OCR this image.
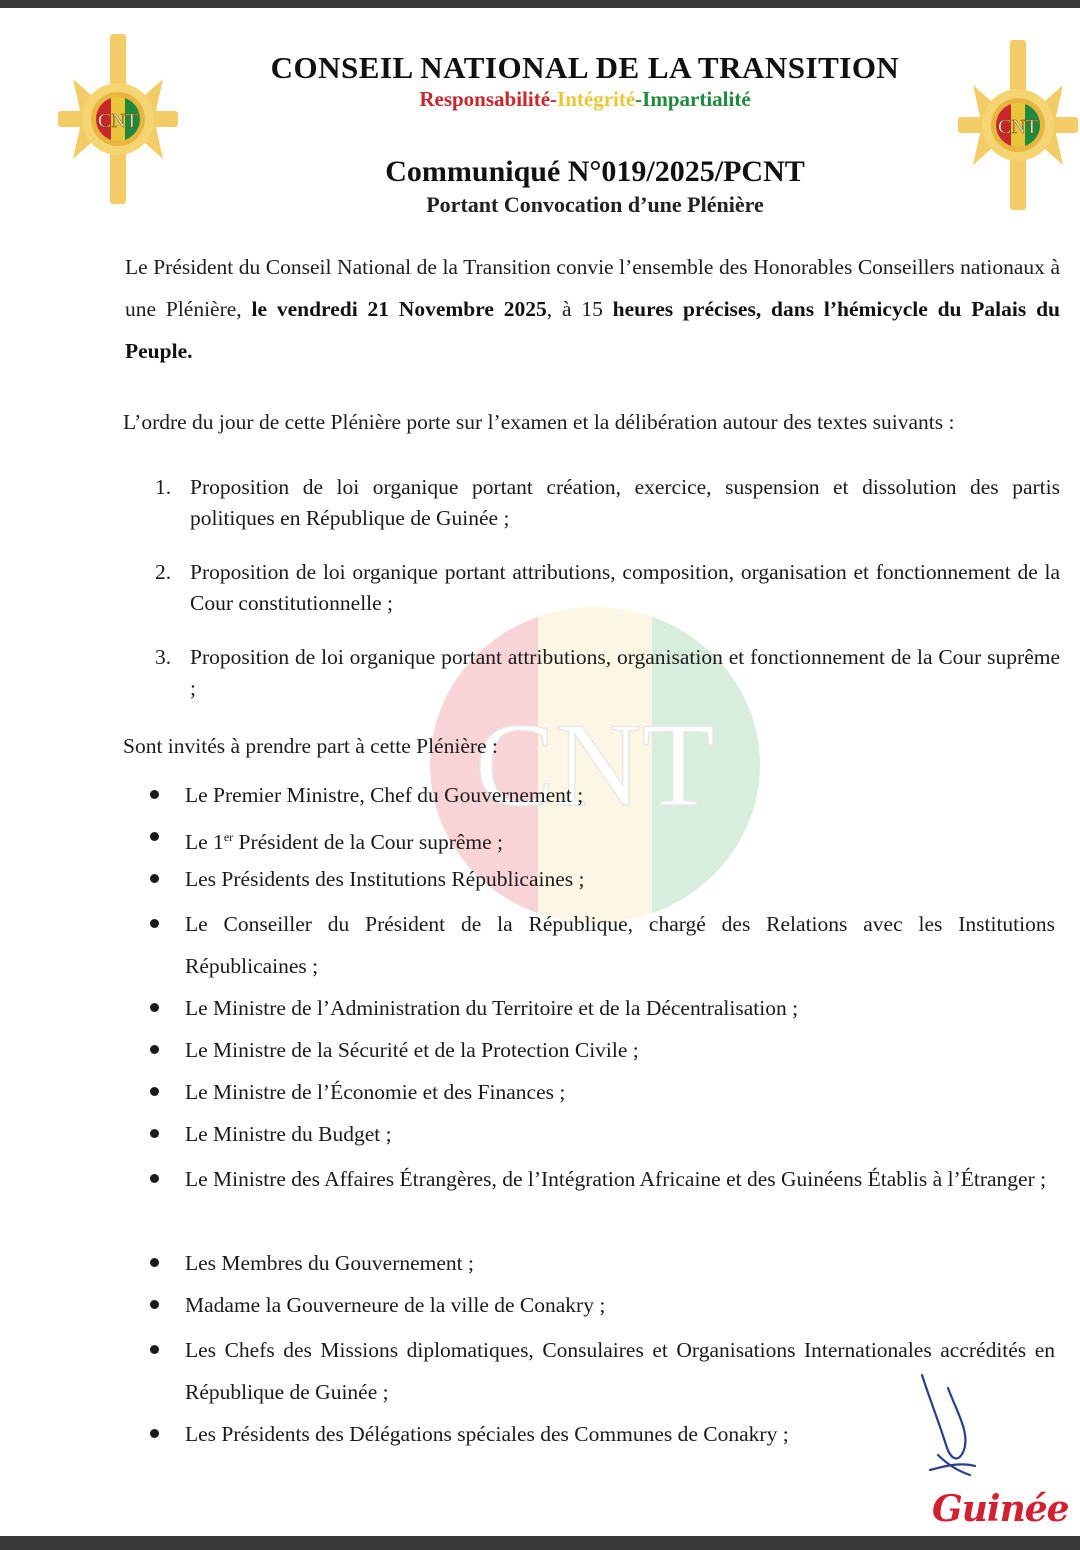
CNT	CNT
CONSEIL NATIONAL DE LA TRANSITION
Responsabilité-Intégrité-Impartialité
Communiqué N°019/2025/PCNT
Portant Convocation d’une Plénière
CNT
Le Président du Conseil National de la Transition convie l’ensemble des Honorables Conseillers nationaux à une Plénière, le vendredi 21 Novembre 2025, à 15 heures précises, dans l’hémicycle du Palais du Peuple.
L’ordre du jour de cette Plénière porte sur l’examen et la délibération autour des textes suivants :
1. Proposition de loi organique portant création, exercice, suspension et dissolution des partis politiques en République de Guinée ;
2. Proposition de loi organique portant attributions, composition, organisation et fonctionnement de la Cour constitutionnelle ;
3. Proposition de loi organique portant attributions, organisation et fonctionnement de la Cour suprême ;
Sont invités à prendre part à cette Plénière :
Le Premier Ministre, Chef du Gouvernement ;
Le 1er Président de la Cour suprême ;
Les Présidents des Institutions Républicaines ;
Le Conseiller du Président de la République, chargé des Relations avec les Institutions Républicaines ;
Le Ministre de l’Administration du Territoire et de la Décentralisation ;
Le Ministre de la Sécurité et de la Protection Civile ;
Le Ministre de l’Économie et des Finances ;
Le Ministre du Budget ;
Le Ministre des Affaires Étrangères, de l’Intégration Africaine et des Guinéens Établis à l’Étranger ;
Les Membres du Gouvernement ;
Madame la Gouverneure de la ville de Conakry ;
Les Chefs des Missions diplomatiques, Consulaires et Organisations Internationales accrédités en République de Guinée ;
Les Présidents des Délégations spéciales des Communes de Conakry ;
Guinée
